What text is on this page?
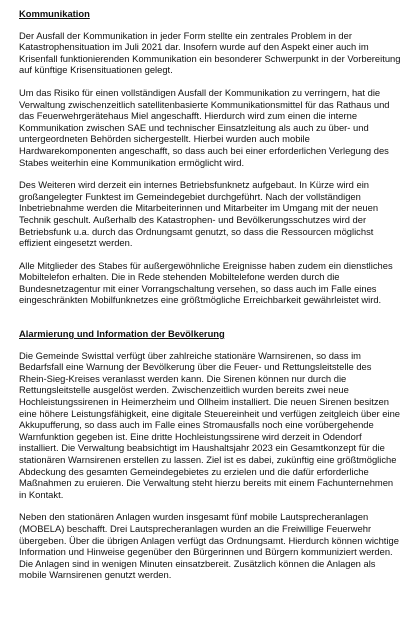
Kommunikation

Der Ausfall der Kommunikation in jeder Form stellte ein zentrales Problem in der Katastrophensituation im Juli 2021 dar. Insofern wurde auf den Aspekt einer auch im Krisenfall funktionierenden Kommunikation ein besonderer Schwerpunkt in der Vorbereitung auf künftige Krisensituationen gelegt.

Um das Risiko für einen vollständigen Ausfall der Kommunikation zu verringern, hat die Verwaltung zwischenzeitlich satellitenbasierte Kommunikationsmittel für das Rathaus und das Feuerwehrgerätehaus Miel angeschafft. Hierdurch wird zum einen die interne Kommunikation zwischen SAE und technischer Einsatzleitung als auch zu über- und untergeordneten Behörden sichergestellt. Hierbei wurden auch mobile Hardwarekomponenten angeschafft, so dass auch bei einer erforderlichen Verlegung des Stabes weiterhin eine Kommunikation ermöglicht wird.

Des Weiteren wird derzeit ein internes Betriebsfunknetz aufgebaut. In Kürze wird ein großangelegter Funktest im Gemeindegebiet durchgeführt. Nach der vollständigen Inbetriebnahme werden die Mitarbeiterinnen und Mitarbeiter im Umgang mit der neuen Technik geschult. Außerhalb des Katastrophen- und Bevölkerungsschutzes wird der Betriebsfunk u.a. durch das Ordnungsamt genutzt, so dass die Ressourcen möglichst effizient eingesetzt werden.

Alle Mitglieder des Stabes für außergewöhnliche Ereignisse haben zudem ein dienstliches Mobiltelefon erhalten. Die in Rede stehenden Mobiltelefone werden durch die Bundesnetzagentur mit einer Vorrangschaltung versehen, so dass auch im Falle eines eingeschränkten Mobilfunknetzes eine größtmögliche Erreichbarkeit gewährleistet wird.

Alarmierung und Information der Bevölkerung

Die Gemeinde Swisttal verfügt über zahlreiche stationäre Warnsirenen, so dass im Bedarfsfall eine Warnung der Bevölkerung über die Feuer- und Rettungsleitstelle des Rhein-Sieg-Kreises veranlasst werden kann. Die Sirenen können nur durch die Rettungsleitstelle ausgelöst werden. Zwischenzeitlich wurden bereits zwei neue Hochleistungssirenen in Heimerzheim und Ollheim installiert. Die neuen Sirenen besitzen eine höhere Leistungsfähigkeit, eine digitale Steuereinheit und verfügen zeitgleich über eine Akkupufferung, so dass auch im Falle eines Stromausfalls noch eine vorübergehende Warnfunktion gegeben ist. Eine dritte Hochleistungssirene wird derzeit in Odendorf installiert. Die Verwaltung beabsichtigt im Haushaltsjahr 2023 ein Gesamtkonzept für die stationären Warnsirenen erstellen zu lassen. Ziel ist es dabei, zukünftig eine größtmögliche Abdeckung des gesamten Gemeindegebietes zu erzielen und die dafür erforderliche Maßnahmen zu eruieren. Die Verwaltung steht hierzu bereits mit einem Fachunternehmen in Kontakt.

Neben den stationären Anlagen wurden insgesamt fünf mobile Lautsprecheranlagen (MOBELA) beschafft. Drei Lautsprecheranlagen wurden an die Freiwillige Feuerwehr übergeben. Über die übrigen Anlagen verfügt das Ordnungsamt. Hierdurch können wichtige Information und Hinweise gegenüber den Bürgerinnen und Bürgern kommuniziert werden. Die Anlagen sind in wenigen Minuten einsatzbereit. Zusätzlich können die Anlagen als mobile Warnsirenen genutzt werden.
